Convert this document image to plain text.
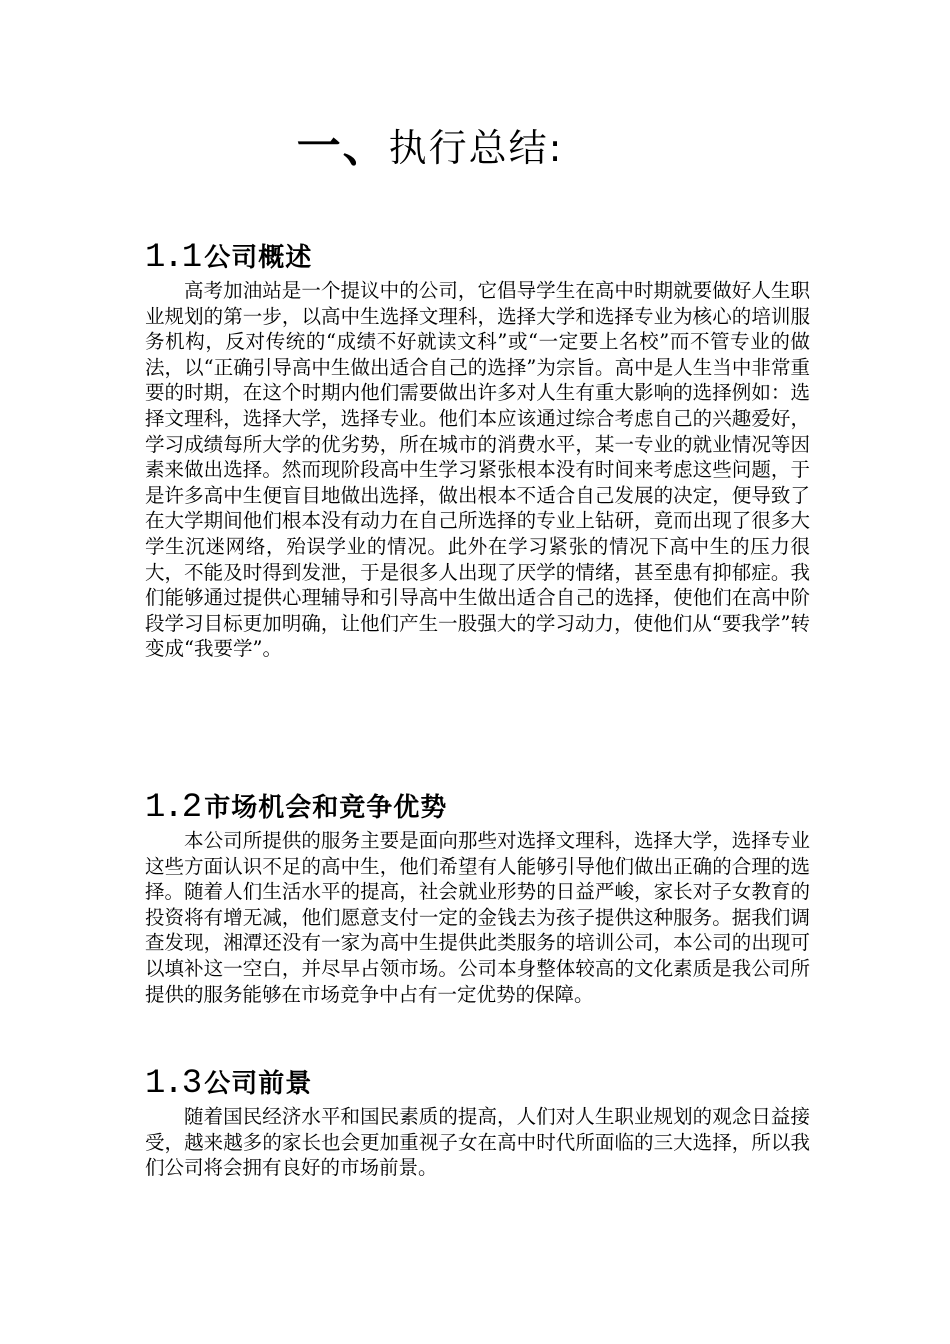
一、执行总结:
1.1 公司概述

高考加油站是一个提议中的公司，它倡导学生在高中时期就要做好人生职业规划的第一步，以高中生选择文理科，选择大学和选择专业为核心的培训服务机构，反对传统的“成绩不好就读文科”或“一定要上名校”而不管专业的做法，以“正确引导高中生做出适合自己的选择”为宗旨。高中是人生当中非常重要的时期，在这个时期内他们需要做出许多对人生有重大影响的选择例如：选择文理科，选择大学，选择专业。他们本应该通过综合考虑自己的兴趣爱好，学习成绩每所大学的优劣势，所在城市的消费水平，某一专业的就业情况等因素来做出选择。然而现阶段高中生学习紧张根本没有时间来考虑这些问题，于是许多高中生便盲目地做出选择，做出根本不适合自己发展的决定，便导致了在大学期间他们根本没有动力在自己所选择的专业上钻研，竟而出现了很多大学生沉迷网络，殆误学业的情况。此外在学习紧张的情况下高中生的压力很大，不能及时得到发泄，于是很多人出现了厌学的情绪，甚至患有抑郁症。我们能够通过提供心理辅导和引导高中生做出适合自己的选择，使他们在高中阶段学习目标更加明确，让他们产生一股强大的学习动力，使他们从“要我学”转变成“我要学”。

1.2 市场机会和竞争优势

本公司所提供的服务主要是面向那些对选择文理科，选择大学，选择专业这些方面认识不足的高中生，他们希望有人能够引导他们做出正确的合理的选择。随着人们生活水平的提高，社会就业形势的日益严峻，家长对子女教育的投资将有增无减，他们愿意支付一定的金钱去为孩子提供这种服务。据我们调查发现，湘潭还没有一家为高中生提供此类服务的培训公司，本公司的出现可以填补这一空白，并尽早占领市场。公司本身整体较高的文化素质是我公司所提供的服务能够在市场竞争中占有一定优势的保障。

1.3 公司前景

随着国民经济水平和国民素质的提高，人们对人生职业规划的观念日益接受，越来越多的家长也会更加重视子女在高中时代所面临的三大选择，所以我们公司将会拥有良好的市场前景。
